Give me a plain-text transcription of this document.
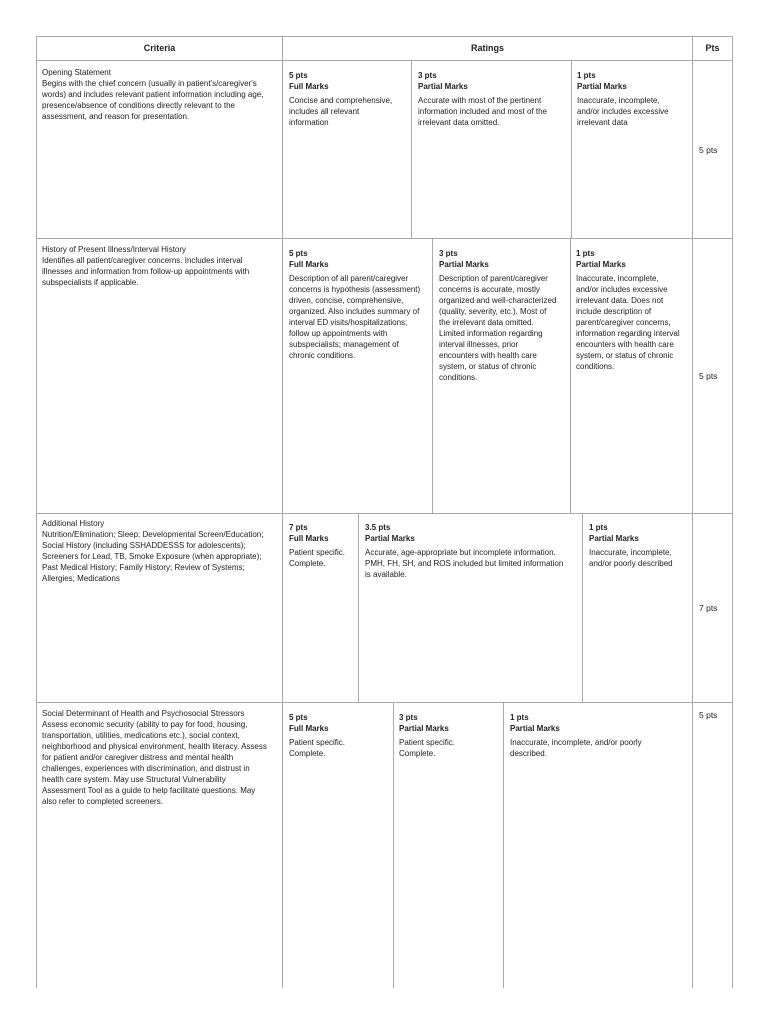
Criteria	Ratings	Pts
Opening Statement
Begins with the chief concern (usually in patient's/caregiver's
words) and includes relevant patient information including age,
presence/absence of conditions directly relevant to the
assessment, and reason for presentation.
5 pts
Full Marks
Concise and comprehensive,
includes all relevant
information
3 pts
Partial Marks
Accurate with most of the pertinent
information included and most of the
irrelevant data omitted.
1 pts
Partial Marks
Inaccurate, incomplete,
and/or includes excessive
irrelevant data
5 pts
History of Present Illness/Interval History
Identifies all patient/caregiver concerns. Includes interval
illnesses and information from follow-up appointments with
subspecialists if applicable.
5 pts
Full Marks
Description of all parent/caregiver
concerns is hypothesis (assessment)
driven, concise, comprehensive,
organized. Also includes summary of
interval ED visits/hospitalizations;
follow up appointments with
subspecialists; management of
chronic conditions.
3 pts
Partial Marks
Description of parent/caregiver
concerns is accurate, mostly
organized and well-characterized
(quality, severity, etc.). Most of
the irrelevant data omitted.
Limited information regarding
interval illnesses, prior
encounters with health care
system, or status of chronic
conditions.
1 pts
Partial Marks
Inaccurate, incomplete,
and/or includes excessive
irrelevant data. Does not
include description of
parent/caregiver concerns,
information regarding interval
encounters with health care
system, or status of chronic
conditions.
5 pts
Additional History
Nutrition/Elimination; Sleep; Developmental Screen/Education;
Social History (including SSHADDESSS for adolescents);
Screeners for Lead, TB, Smoke Exposure (when appropriate);
Past Medical History; Family History; Review of Systems;
Allergies; Medications
7 pts
Full Marks
Patient specific.
Complete.
3.5 pts
Partial Marks
Accurate, age-appropriate but incomplete information.
PMH, FH, SH, and ROS included but limited information
is available.
1 pts
Partial Marks
Inaccurate, incomplete,
and/or poorly described
7 pts
Social Determinant of Health and Psychosocial Stressors
Assess economic security (ability to pay for food, housing,
transportation, utilities, medications etc.), social context,
neighborhood and physical environment, health literacy. Assess
for patient and/or caregiver distress and mental health
challenges, experiences with discrimination, and distrust in
health care system. May use Structural Vulnerability
Assessment Tool as a guide to help facilitate questions. May
also refer to completed screeners.
5 pts
Full Marks
Patient specific.
Complete.
3 pts
Partial Marks
Patient specific.
Complete.
1 pts
Partial Marks
Inaccurate, incomplete, and/or poorly
described.
5 pts
